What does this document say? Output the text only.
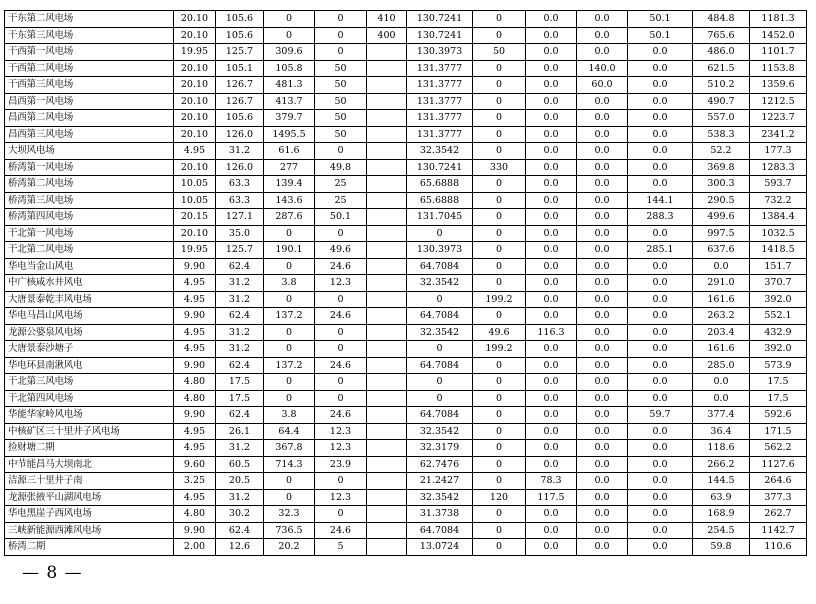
干东第二风电场	20.10	105.6	0	0	410	130.7241	0	0.0	0.0	50.1	484.8	1181.3
干东第三风电场	20.10	105.6	0	0	400	130.7241	0	0.0	0.0	50.1	765.6	1452.0
干西第一风电场	19.95	125.7	309.6	0		130.3973	50	0.0	0.0	0.0	486.0	1101.7
干西第二风电场	20.10	105.1	105.8	50		131.3777	0	0.0	140.0	0.0	621.5	1153.8
干西第三风电场	20.10	126.7	481.3	50		131.3777	0	0.0	60.0	0.0	510.2	1359.6
昌西第一风电场	20.10	126.7	413.7	50		131.3777	0	0.0	0.0	0.0	490.7	1212.5
昌西第二风电场	20.10	105.6	379.7	50		131.3777	0	0.0	0.0	0.0	557.0	1223.7
昌西第三风电场	20.10	126.0	1495.5	50		131.3777	0	0.0	0.0	0.0	538.3	2341.2
大坝风电场	4.95	31.2	61.6	0		32.3542	0	0.0	0.0	0.0	52.2	177.3
桥湾第一风电场	20.10	126.0	277	49.8		130.7241	330	0.0	0.0	0.0	369.8	1283.3
桥湾第二风电场	10.05	63.3	139.4	25		65.6888	0	0.0	0.0	0.0	300.3	593.7
桥湾第三风电场	10.05	63.3	143.6	25		65.6888	0	0.0	0.0	144.1	290.5	732.2
桥湾第四风电场	20.15	127.1	287.6	50.1		131.7045	0	0.0	0.0	288.3	499.6	1384.4
干北第一风电场	20.10	35.0	0	0		0	0	0.0	0.0	0.0	997.5	1032.5
干北第二风电场	19.95	125.7	190.1	49.6		130.3973	0	0.0	0.0	285.1	637.6	1418.5
华电当金山风电	9.90	62.4	0	24.6		64.7084	0	0.0	0.0	0.0	0.0	151.7
中广核咸水井风电	4.95	31.2	3.8	12.3		32.3542	0	0.0	0.0	0.0	291.0	370.7
大唐景泰乾丰风电场	4.95	31.2	0	0		0	199.2	0.0	0.0	0.0	161.6	392.0
华电马昌山风电场	9.90	62.4	137.2	24.6		64.7084	0	0.0	0.0	0.0	263.2	552.1
龙源公婆泉风电场	4.95	31.2	0	0		32.3542	49.6	116.3	0.0	0.0	203.4	432.9
大唐景泰沙塘子	4.95	31.2	0	0		0	199.2	0.0	0.0	0.0	161.6	392.0
华电环县南湫风电	9.90	62.4	137.2	24.6		64.7084	0	0.0	0.0	0.0	285.0	573.9
干北第三风电场	4.80	17.5	0	0		0	0	0.0	0.0	0.0	0.0	17.5
干北第四风电场	4.80	17.5	0	0		0	0	0.0	0.0	0.0	0.0	17.5
华能华家岭风电场	9.90	62.4	3.8	24.6		64.7084	0	0.0	0.0	59.7	377.4	592.6
中核矿区三十里井子风电场	4.95	26.1	64.4	12.3		32.3542	0	0.0	0.0	0.0	36.4	171.5
捡财塘二期	4.95	31.2	367.8	12.3		32.3179	0	0.0	0.0	0.0	118.6	562.2
中节能昌马大坝南北	9.60	60.5	714.3	23.9		62.7476	0	0.0	0.0	0.0	266.2	1127.6
洁源三十里井子南	3.25	20.5	0	0		21.2427	0	78.3	0.0	0.0	144.5	264.6
龙源张掖平山湖风电场	4.95	31.2	0	12.3		32.3542	120	117.5	0.0	0.0	63.9	377.3
华电黑崖子西风电场	4.80	30.2	32.3	0		31.3738	0	0.0	0.0	0.0	168.9	262.7
三峡新能源西滩风电场	9.90	62.4	736.5	24.6		64.7084	0	0.0	0.0	0.0	254.5	1142.7
桥湾二期	2.00	12.6	20.2	5		13.0724	0	0.0	0.0	0.0	59.8	110.6
— 8 —
